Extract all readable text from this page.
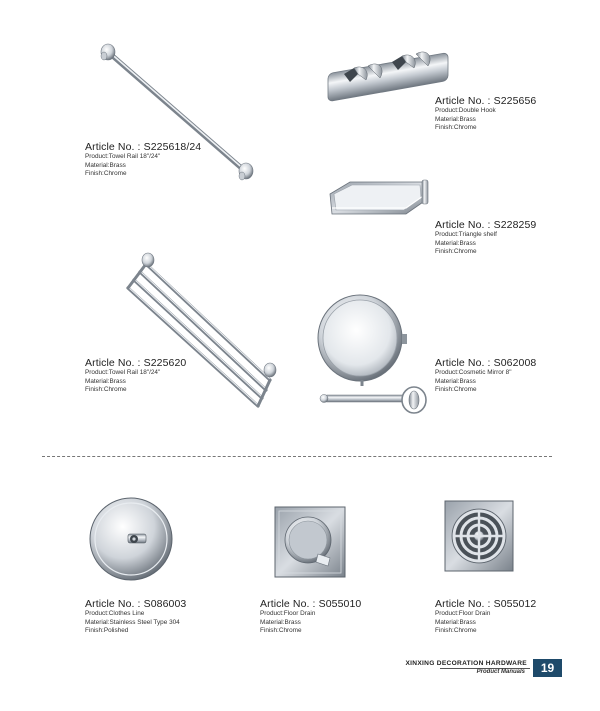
Article No. : S225618/24
Product:Towel Rail 18"/24"
Material:Brass
Finish:Chrome
Article No. : S225656
Product:Double Hook
Material:Brass
Finish:Chrome
Article No. : S228259
Product:Triangle shelf
Material:Brass
Finish:Chrome
Article No. : S225620
Product:Towel Rail 18"/24"
Material:Brass
Finish:Chrome
Article No. : S062008
Product:Cosmetic Mirror 8"
Material:Brass
Finish:Chrome
Article No. : S086003
Product:Clothes Line
Material:Stainless Steel Type 304
Finish:Polished
Article No. : S055010
Product:Floor Drain
Material:Brass
Finish:Chrome
Article No. : S055012
Product:Floor Drain
Material:Brass
Finish:Chrome
XINXING DECORATION HARDWARE
Product Manuals	19
